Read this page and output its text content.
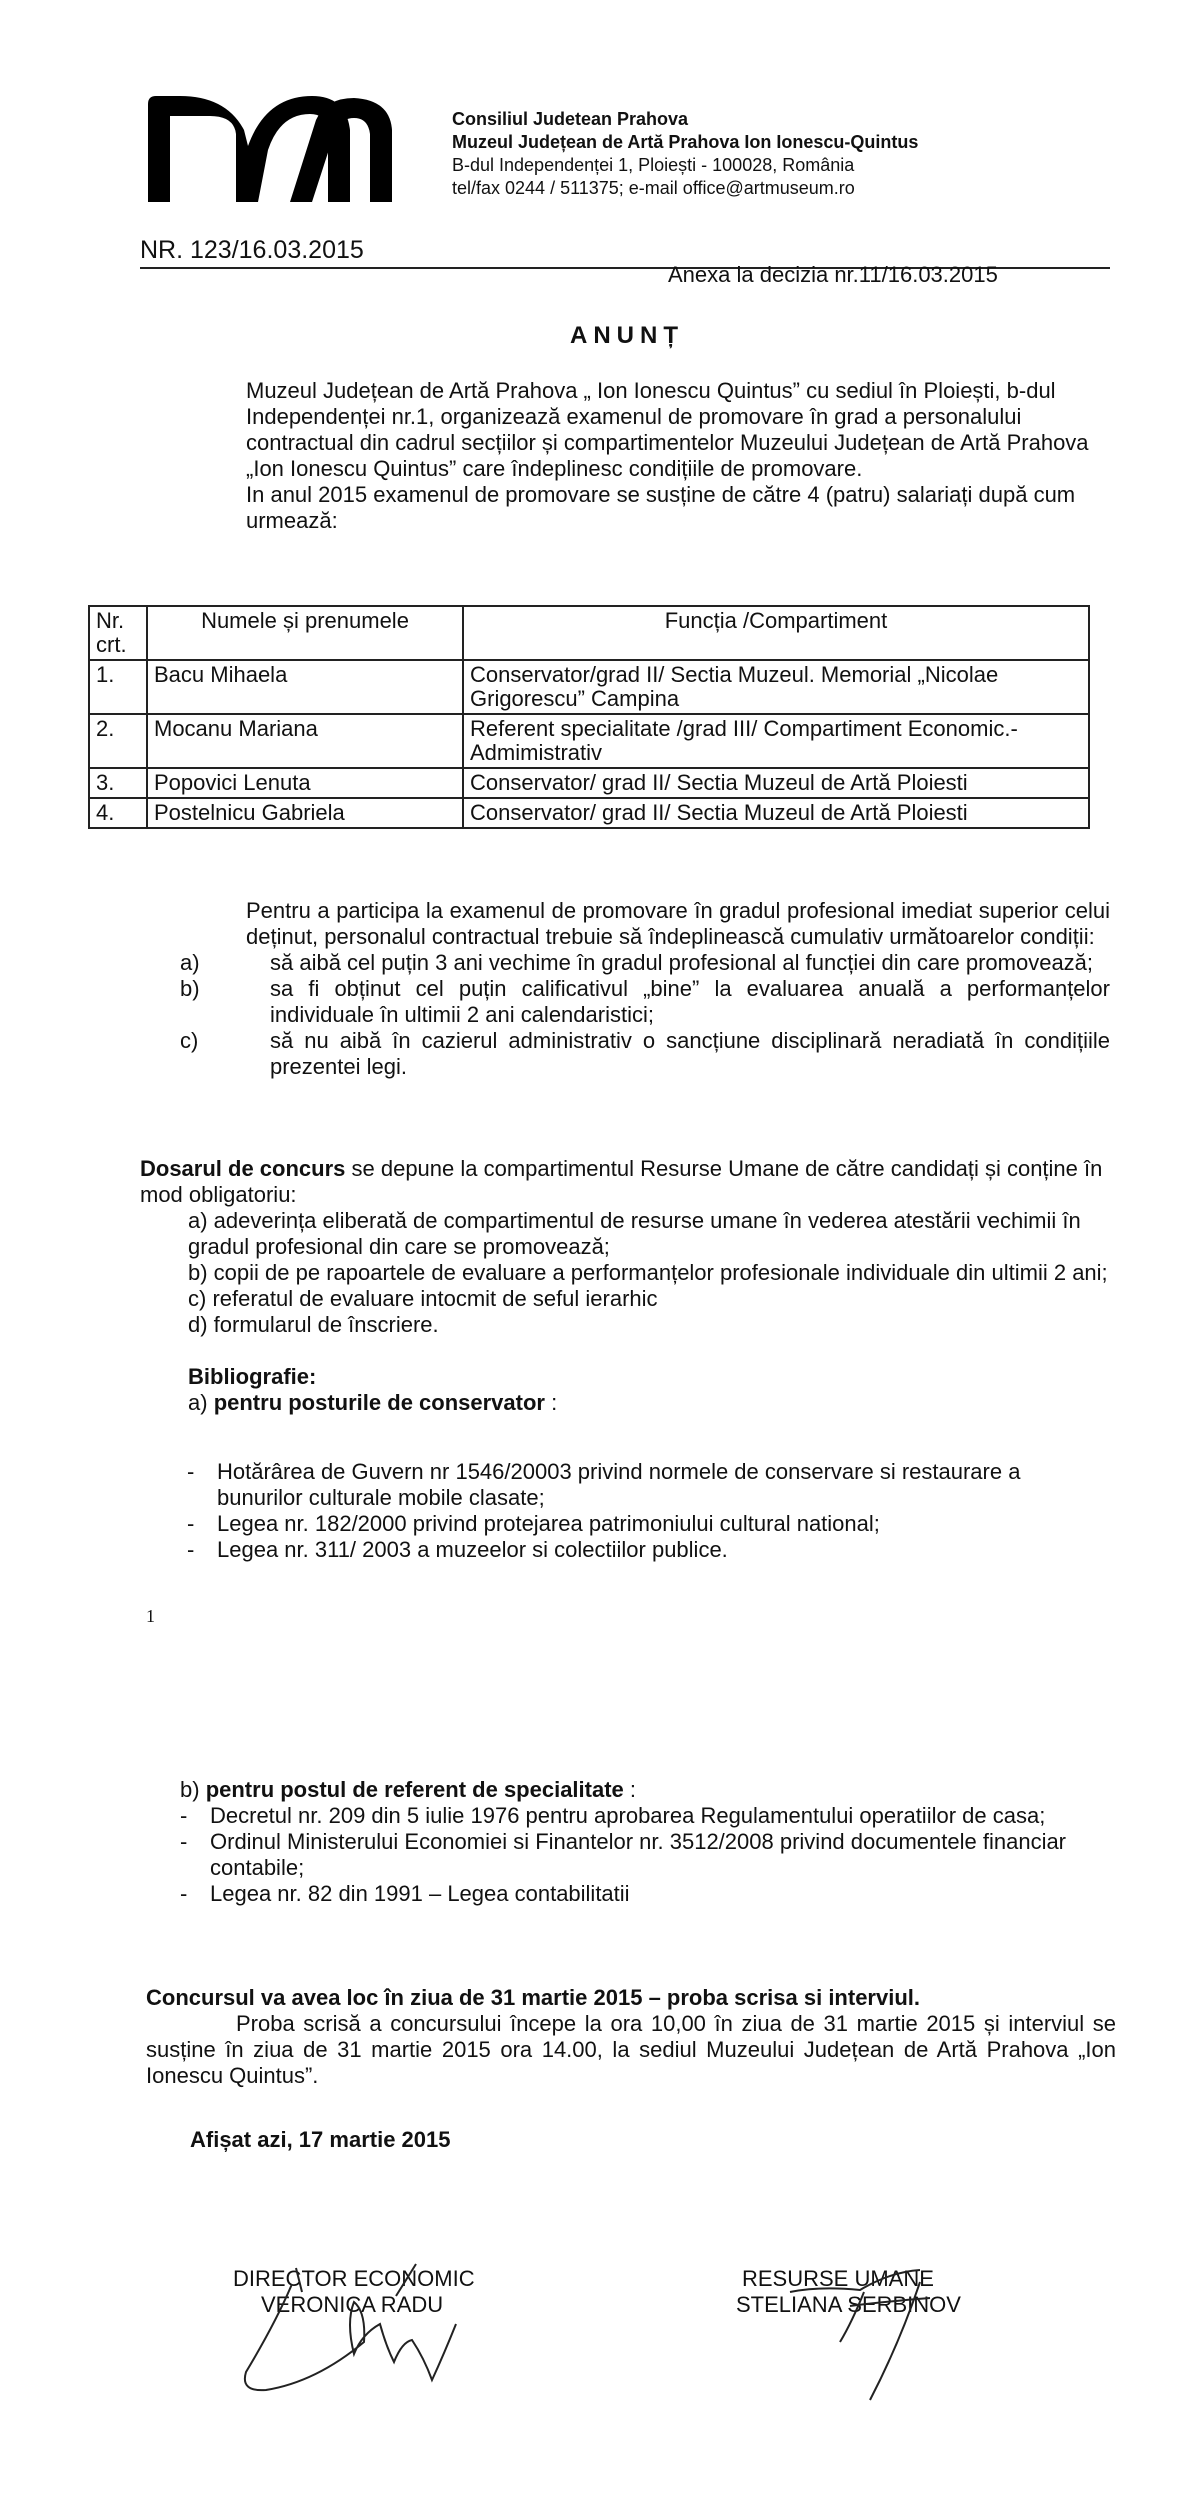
Consiliul Judetean Prahova
Muzeul Județean de Artă Prahova Ion Ionescu-Quintus
B-dul Independenței 1, Ploiești - 100028, România
tel/fax 0244 / 511375; e-mail office@artmuseum.ro
NR. 123/16.03.2015
Anexa la decizia nr.11/16.03.2015
ANUNȚ
Muzeul Județean de Artă Prahova „ Ion Ionescu Quintus” cu sediul în Ploiești, b-dul Independenței nr.1, organizează examenul de promovare în grad a personalului contractual din cadrul secțiilor și compartimentelor Muzeului Județean de Artă Prahova „Ion Ionescu Quintus” care îndeplinesc condițiile de promovare.
In anul 2015 examenul de promovare se susține de către 4 (patru) salariați după cum urmează:
Nr. crt.	Numele și prenumele	Funcția /Compartiment
1.	Bacu Mihaela	Conservator/grad II/ Sectia Muzeul. Memorial „Nicolae Grigorescu” Campina
2.	Mocanu Mariana	Referent specialitate /grad III/ Compartiment Economic.-Admimistrativ
3.	Popovici Lenuta	Conservator/ grad II/ Sectia Muzeul de Artă Ploiesti
4.	Postelnicu Gabriela	Conservator/ grad II/ Sectia Muzeul de Artă Ploiesti
Pentru a participa la examenul de promovare în gradul profesional imediat superior celui deținut, personalul contractual trebuie să îndeplinească cumulativ următoarelor condiții:
a)	să aibă cel puțin 3 ani vechime în gradul profesional al funcției din care promovează;
b)	sa fi obținut cel puțin calificativul „bine” la evaluarea anuală a performanțelor individuale în ultimii 2 ani calendaristici;
c)	să nu aibă în cazierul administrativ o sancțiune disciplinară neradiată în condițiile prezentei legi.
Dosarul de concurs se depune la compartimentul Resurse Umane de către candidați și conține în mod obligatoriu:
a) adeverința eliberată de compartimentul de resurse umane în vederea atestării vechimii în gradul profesional din care se promovează;
b) copii de pe rapoartele de evaluare a performanțelor profesionale individuale din ultimii 2 ani;
c) referatul de evaluare intocmit de seful ierarhic
d) formularul de înscriere.
Bibliografie:
a) pentru posturile de conservator :
-	Hotărârea de Guvern nr 1546/20003 privind normele de conservare si restaurare a bunurilor culturale mobile clasate;
-	Legea nr. 182/2000 privind protejarea patrimoniului cultural national;
-	Legea nr. 311/ 2003 a muzeelor si colectiilor publice.
1
b) pentru postul de referent de specialitate :
-	Decretul nr. 209 din 5 iulie 1976 pentru aprobarea Regulamentului operatiilor de casa;
-	Ordinul Ministerului Economiei si Finantelor nr. 3512/2008 privind documentele financiar contabile;
-	Legea nr. 82 din 1991 – Legea contabilitatii
Concursul va avea loc în ziua de 31 martie 2015 – proba scrisa si interviul.
Proba scrisă a concursului începe la ora 10,00 în ziua de 31 martie 2015 și interviul se susține în ziua de 31 martie 2015 ora 14.00, la sediul Muzeului Județean de Artă Prahova „Ion Ionescu Quintus”.
Afișat azi, 17 martie 2015
DIRECTOR ECONOMIC
VERONICA RADU
RESURSE UMANE
STELIANA SERBINOV
